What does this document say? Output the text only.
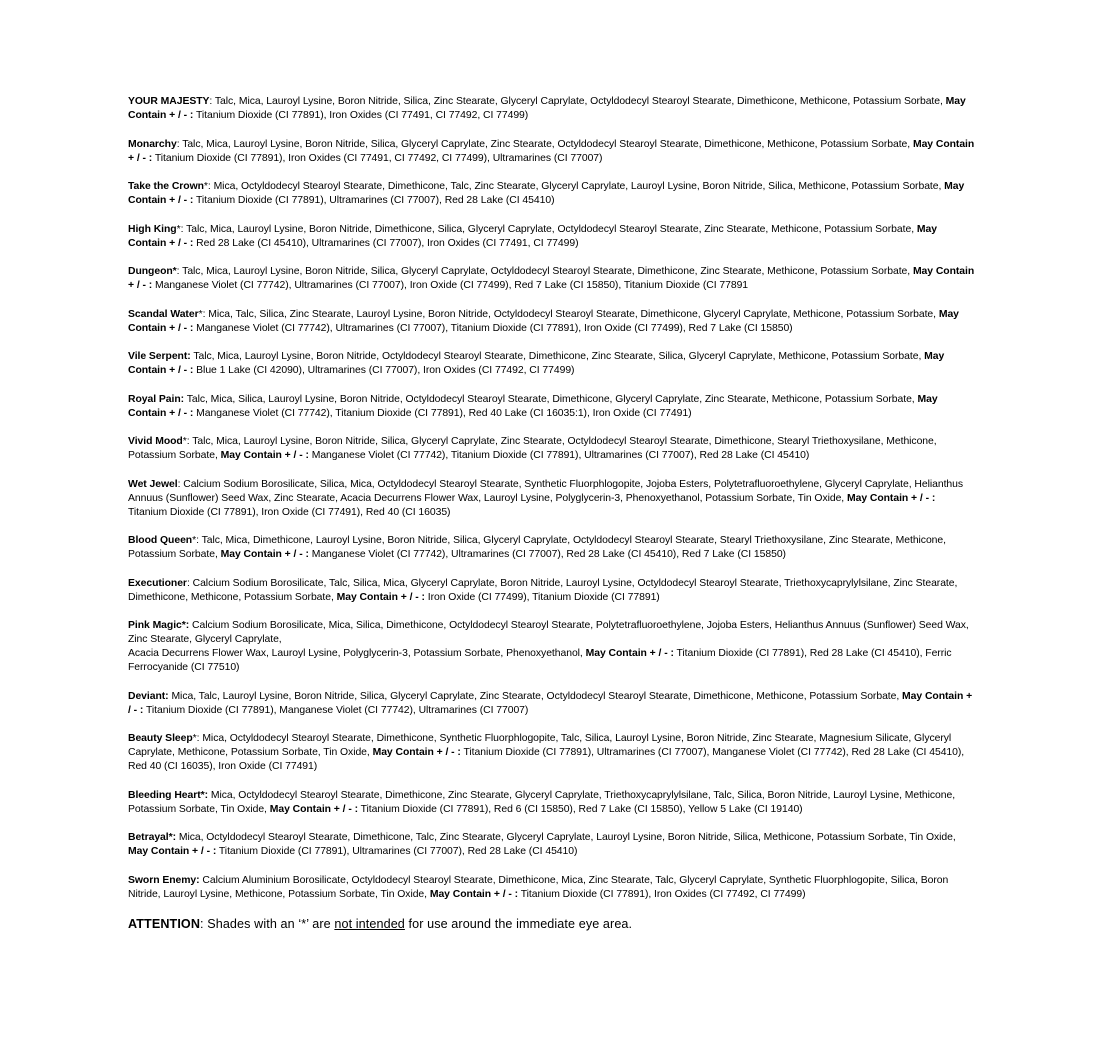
YOUR MAJESTY: Talc, Mica, Lauroyl Lysine, Boron Nitride, Silica, Zinc Stearate, Glyceryl Caprylate, Octyldodecyl Stearoyl Stearate, Dimethicone, Methicone, Potassium Sorbate, May Contain + / - : Titanium Dioxide (CI 77891), Iron Oxides (CI 77491, CI 77492, CI 77499)

Monarchy: Talc, Mica, Lauroyl Lysine, Boron Nitride, Silica, Glyceryl Caprylate, Zinc Stearate, Octyldodecyl Stearoyl Stearate, Dimethicone, Methicone, Potassium Sorbate, May Contain + / - : Titanium Dioxide (CI 77891), Iron Oxides (CI 77491, CI 77492, CI 77499), Ultramarines (CI 77007)

Take the Crown*: Mica, Octyldodecyl Stearoyl Stearate, Dimethicone, Talc, Zinc Stearate, Glyceryl Caprylate, Lauroyl Lysine, Boron Nitride, Silica, Methicone, Potassium Sorbate, May Contain + / - : Titanium Dioxide (CI 77891), Ultramarines (CI 77007), Red 28 Lake (CI 45410)

High King*: Talc, Mica, Lauroyl Lysine, Boron Nitride, Dimethicone, Silica, Glyceryl Caprylate, Octyldodecyl Stearoyl Stearate, Zinc Stearate, Methicone, Potassium Sorbate, May Contain + / - : Red 28 Lake (CI 45410), Ultramarines (CI 77007), Iron Oxides (CI 77491, CI 77499)

Dungeon*: Talc, Mica, Lauroyl Lysine, Boron Nitride, Silica, Glyceryl Caprylate, Octyldodecyl Stearoyl Stearate, Dimethicone, Zinc Stearate, Methicone, Potassium Sorbate, May Contain + / - : Manganese Violet (CI 77742), Ultramarines (CI 77007), Iron Oxide (CI 77499), Red 7 Lake (CI 15850), Titanium Dioxide (CI 77891

Scandal Water*: Mica, Talc, Silica, Zinc Stearate, Lauroyl Lysine, Boron Nitride, Octyldodecyl Stearoyl Stearate, Dimethicone, Glyceryl Caprylate, Methicone, Potassium Sorbate, May Contain + / - : Manganese Violet (CI 77742), Ultramarines (CI 77007), Titanium Dioxide (CI 77891), Iron Oxide (CI 77499), Red 7 Lake (CI 15850)

Vile Serpent: Talc, Mica, Lauroyl Lysine, Boron Nitride, Octyldodecyl Stearoyl Stearate, Dimethicone, Zinc Stearate, Silica, Glyceryl Caprylate, Methicone, Potassium Sorbate, May Contain + / - : Blue 1 Lake (CI 42090), Ultramarines (CI 77007), Iron Oxides (CI 77492, CI 77499)

Royal Pain: Talc, Mica, Silica, Lauroyl Lysine, Boron Nitride, Octyldodecyl Stearoyl Stearate, Dimethicone, Glyceryl Caprylate, Zinc Stearate, Methicone, Potassium Sorbate, May Contain + / - : Manganese Violet (CI 77742), Titanium Dioxide (CI 77891), Red 40 Lake (CI 16035:1), Iron Oxide (CI 77491)

Vivid Mood*: Talc, Mica, Lauroyl Lysine, Boron Nitride, Silica, Glyceryl Caprylate, Zinc Stearate, Octyldodecyl Stearoyl Stearate, Dimethicone, Stearyl Triethoxysilane, Methicone, Potassium Sorbate, May Contain + / - : Manganese Violet (CI 77742), Titanium Dioxide (CI 77891), Ultramarines (CI 77007), Red 28 Lake (CI 45410)

Wet Jewel: Calcium Sodium Borosilicate, Silica, Mica, Octyldodecyl Stearoyl Stearate, Synthetic Fluorphlogopite, Jojoba Esters, Polytetrafluoroethylene, Glyceryl Caprylate, Helianthus Annuus (Sunflower) Seed Wax, Zinc Stearate, Acacia Decurrens Flower Wax, Lauroyl Lysine, Polyglycerin-3, Phenoxyethanol, Potassium Sorbate, Tin Oxide, May Contain + / - : Titanium Dioxide (CI 77891), Iron Oxide (CI 77491), Red 40 (CI 16035)

Blood Queen*: Talc, Mica, Dimethicone, Lauroyl Lysine, Boron Nitride, Silica, Glyceryl Caprylate, Octyldodecyl Stearoyl Stearate, Stearyl Triethoxysilane, Zinc Stearate, Methicone, Potassium Sorbate, May Contain + / - : Manganese Violet (CI 77742), Ultramarines (CI 77007), Red 28 Lake (CI 45410), Red 7 Lake (CI 15850)

Executioner: Calcium Sodium Borosilicate, Talc, Silica, Mica, Glyceryl Caprylate, Boron Nitride, Lauroyl Lysine, Octyldodecyl Stearoyl Stearate, Triethoxycaprylylsilane, Zinc Stearate, Dimethicone, Methicone, Potassium Sorbate, May Contain + / - : Iron Oxide (CI 77499), Titanium Dioxide (CI 77891)

Pink Magic*: Calcium Sodium Borosilicate, Mica, Silica, Dimethicone, Octyldodecyl Stearoyl Stearate, Polytetrafluoroethylene, Jojoba Esters, Helianthus Annuus (Sunflower) Seed Wax, Zinc Stearate, Glyceryl Caprylate,
Acacia Decurrens Flower Wax, Lauroyl Lysine, Polyglycerin-3, Potassium Sorbate, Phenoxyethanol, May Contain + / - : Titanium Dioxide (CI 77891), Red 28 Lake (CI 45410), Ferric Ferrocyanide (CI 77510)

Deviant: Mica, Talc, Lauroyl Lysine, Boron Nitride, Silica, Glyceryl Caprylate, Zinc Stearate, Octyldodecyl Stearoyl Stearate, Dimethicone, Methicone, Potassium Sorbate, May Contain + / - : Titanium Dioxide (CI 77891), Manganese Violet (CI 77742), Ultramarines (CI 77007)

Beauty Sleep*: Mica, Octyldodecyl Stearoyl Stearate, Dimethicone, Synthetic Fluorphlogopite, Talc, Silica, Lauroyl Lysine, Boron Nitride, Zinc Stearate, Magnesium Silicate, Glyceryl Caprylate, Methicone, Potassium Sorbate, Tin Oxide, May Contain + / - : Titanium Dioxide (CI 77891), Ultramarines (CI 77007), Manganese Violet (CI 77742), Red 28 Lake (CI 45410), Red 40 (CI 16035), Iron Oxide (CI 77491)

Bleeding Heart*: Mica, Octyldodecyl Stearoyl Stearate, Dimethicone, Zinc Stearate, Glyceryl Caprylate, Triethoxycaprylylsilane, Talc, Silica, Boron Nitride, Lauroyl Lysine, Methicone, Potassium Sorbate, Tin Oxide, May Contain + / - : Titanium Dioxide (CI 77891), Red 6 (CI 15850), Red 7 Lake (CI 15850), Yellow 5 Lake (CI 19140)

Betrayal*: Mica, Octyldodecyl Stearoyl Stearate, Dimethicone, Talc, Zinc Stearate, Glyceryl Caprylate, Lauroyl Lysine, Boron Nitride, Silica, Methicone, Potassium Sorbate, Tin Oxide, May Contain + / - : Titanium Dioxide (CI 77891), Ultramarines (CI 77007), Red 28 Lake (CI 45410)

Sworn Enemy: Calcium Aluminium Borosilicate, Octyldodecyl Stearoyl Stearate, Dimethicone, Mica, Zinc Stearate, Talc, Glyceryl Caprylate, Synthetic Fluorphlogopite, Silica, Boron Nitride, Lauroyl Lysine, Methicone, Potassium Sorbate, Tin Oxide, May Contain + / - : Titanium Dioxide (CI 77891), Iron Oxides (CI 77492, CI 77499)

ATTENTION: Shades with an ‘*’ are not intended for use around the immediate eye area.
